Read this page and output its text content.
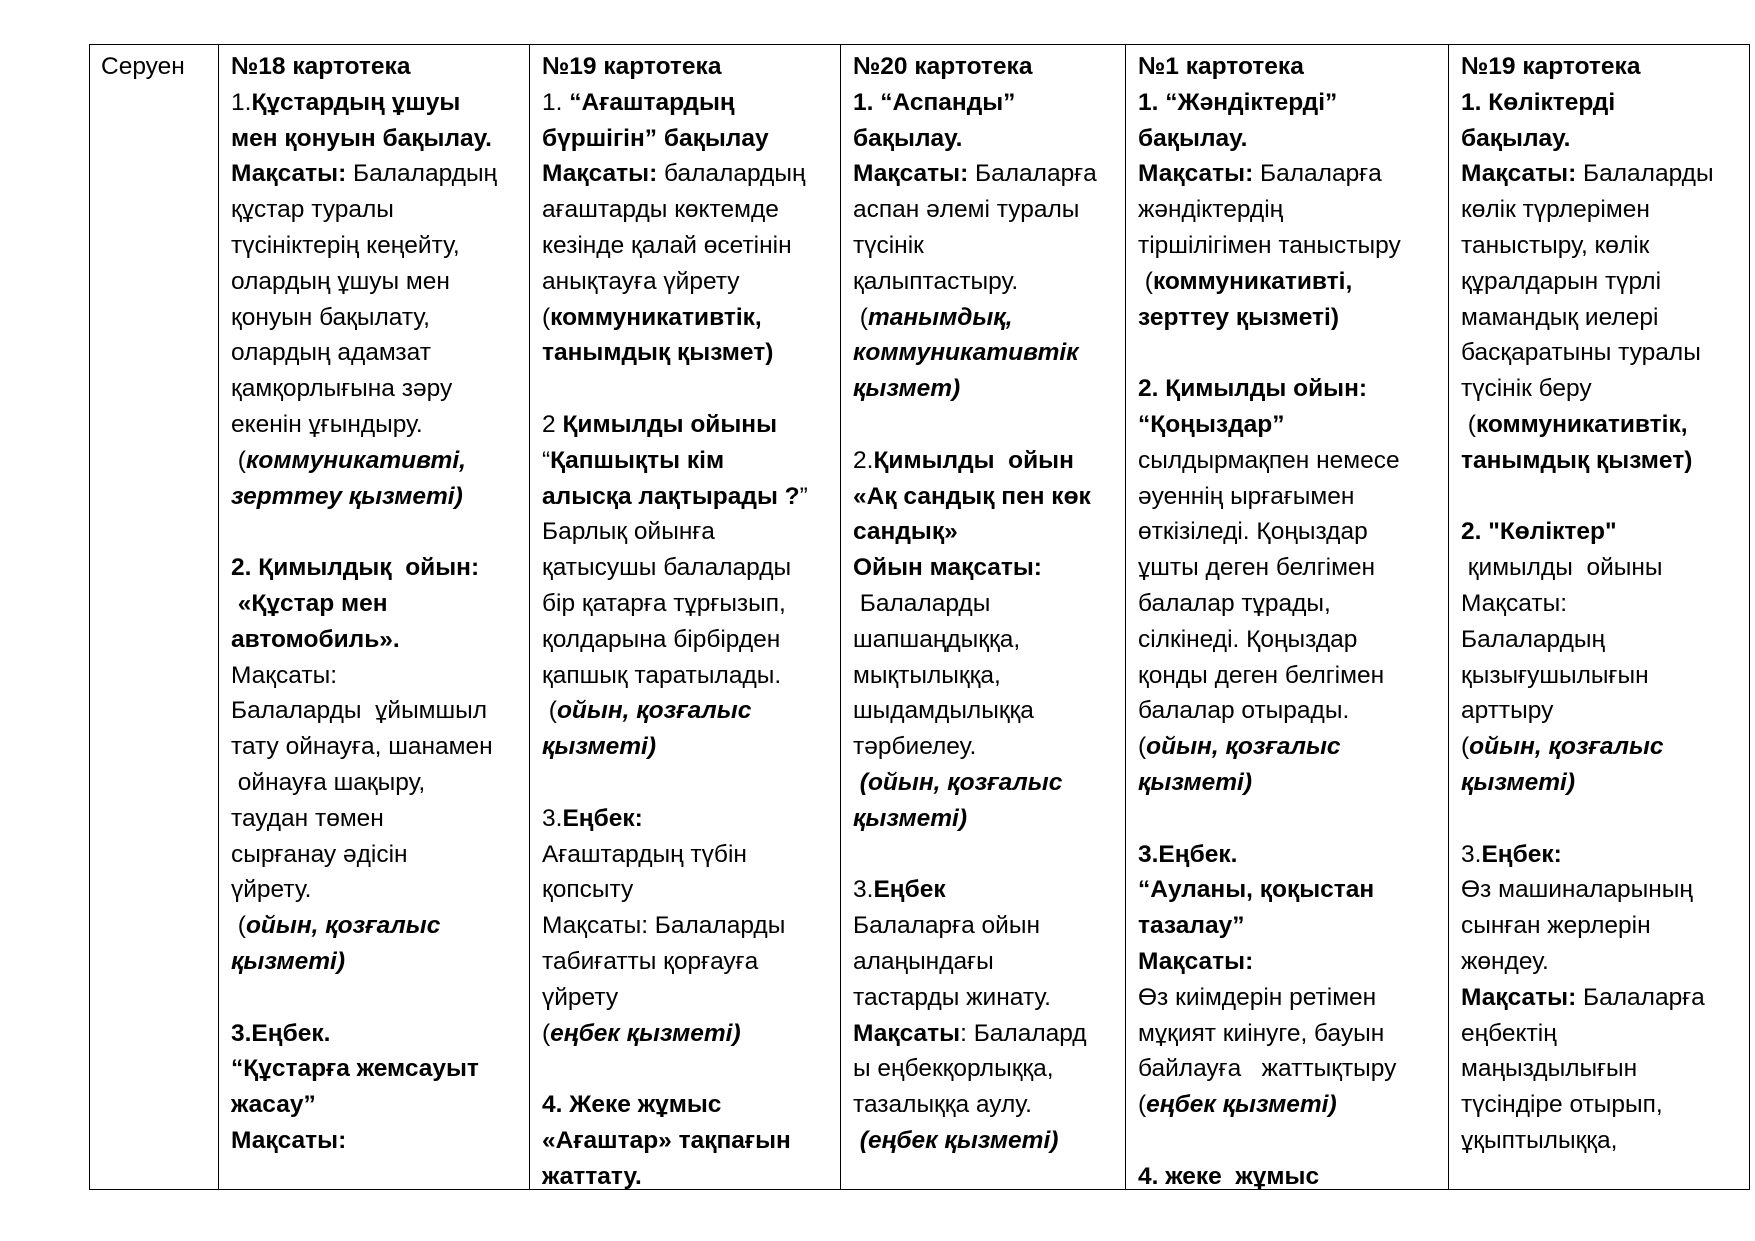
Серуен №18 картотека
1.Құстардың ұшуы
мен қонуын бақылау.
Мақсаты: Балалардың
құстар туралы
түсініктерің кеңейту,
олардың ұшуы мен
қонуын бақылату,
олардың адамзат
қамқорлығына зәру
екенін ұғындыру.
(коммуникативті,
зерттеу қызметі)
2. Қимылдық  ойын:
«Құстар мен
автомобиль».
Мақсаты:
Балаларды  ұйымшыл
тату ойнауға, шанамен
ойнауға шақыру,
таудан төмен
сырғанау әдісін
үйрету.
(ойын, қозғалыс
қызметі)
3.Еңбек.
“Құстарға жемсауыт
жасау”
Мақсаты:
№19 картотека
1. “Ағаштардың
бүршігін” бақылау
Мақсаты: балалардың
ағаштарды көктемде
кезінде қалай өсетінін
анықтауға үйрету
(коммуникативтік,
танымдық қызмет)
2 Қимылды ойыны
“Қапшықты кім
алысқа лақтырады ?”
Барлық ойынға
қатысушы балаларды
бір қатарға тұрғызып,
қолдарына бірбірден
қапшық таратылады.
(ойын, қозғалыс
қызметі)
3.Еңбек:
Ағаштардың түбін
қопсыту
Мақсаты: Балаларды
табиғатты қорғауға
үйрету
(еңбек қызметі)
4. Жеке жұмыс
«Ағаштар» тақпағын
жаттату.
№20 картотека
1. “Аспанды”
бақылау.
Мақсаты: Балаларға
аспан әлемі туралы
түсінік
қалыптастыру.
(танымдық,
коммуникативтік
қызмет)
2.Қимылды  ойын
«Ақ сандық пен көк
сандық»
Ойын мақсаты:
Балаларды
шапшаңдыққа,
мықтылыққа,
шыдамдылыққа
тәрбиелеу.
(ойын, қозғалыс
қызметі)
3.Еңбек
Балаларға ойын
алаңындағы
тастарды жинату.
Мақсаты: Балалард
ы еңбекқорлыққа,
тазалыққа аулу.
(еңбек қызметі)
№1 картотека
1. “Жәндіктерді”
бақылау.
Мақсаты: Балаларға
жәндіктердің
тіршілігімен таныстыру
(коммуникативті,
зерттеу қызметі)
2. Қимылды ойын:
“Қоңыздар”
сылдырмақпен немесе
әуеннің ырғағымен
өткізіледі. Қоңыздар
ұшты деген белгімен
балалар тұрады,
сілкінеді. Қоңыздар
қонды деген белгімен
балалар отырады.
(ойын, қозғалыс
қызметі)
3.Еңбек.
“Ауланы, қоқыстан
тазалау”
Мақсаты:
Өз киімдерін ретімен
мұқият киінуге, бауын
байлауға   жаттықтыру
(еңбек қызметі)
4. жеке  жұмыс
№19 картотека
1. Көліктерді
бақылау.
Мақсаты: Балаларды
көлік түрлерімен
таныстыру, көлік
құралдарын түрлі
мамандық иелері
басқаратыны туралы
түсінік беру
(коммуникативтік,
танымдық қызмет)
2. "Көліктер"
қимылды  ойыны
Мақсаты:
Балалардың
қызығушылығын
арттыру
(ойын, қозғалыс
қызметі)
3.Еңбек:
Өз машиналарының
сынған жерлерін
жөндеу.
Мақсаты: Балаларға
еңбектің
маңыздылығын
түсіндіре отырып,
ұқыптылыққа,
